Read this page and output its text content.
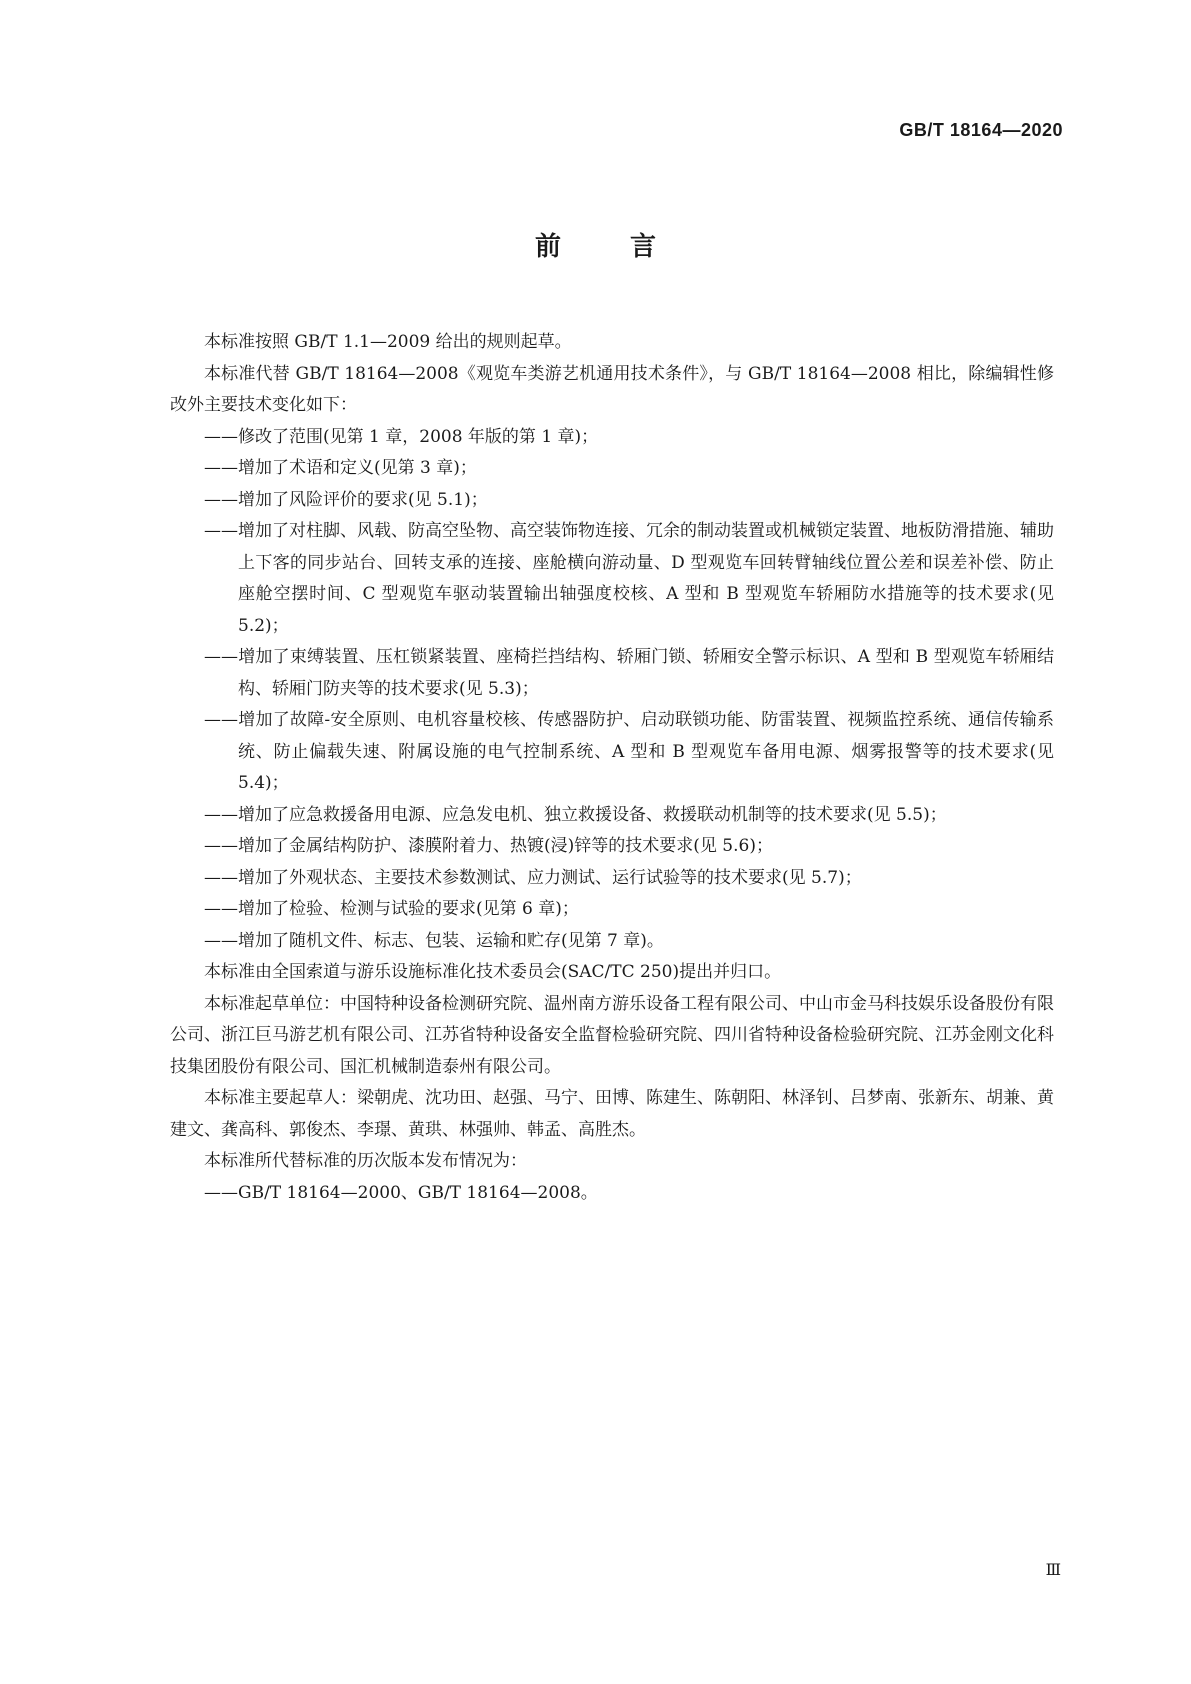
GB/T 18164—2020
前 言

本标准按照 GB/T 1.1—2009 给出的规则起草。

本标准代替 GB/T 18164—2008《观览车类游艺机通用技术条件》，与 GB/T 18164—2008 相比，除编辑性修改外主要技术变化如下：

——修改了范围(见第 1 章，2008 年版的第 1 章)；

——增加了术语和定义(见第 3 章)；

——增加了风险评价的要求(见 5.1)；

——增加了对柱脚、风载、防高空坠物、高空装饰物连接、冗余的制动装置或机械锁定装置、地板防滑措施、辅助上下客的同步站台、回转支承的连接、座舱横向游动量、D 型观览车回转臂轴线位置公差和误差补偿、防止座舱空摆时间、C 型观览车驱动装置输出轴强度校核、A 型和 B 型观览车轿厢防水措施等的技术要求(见 5.2)；

——增加了束缚装置、压杠锁紧装置、座椅拦挡结构、轿厢门锁、轿厢安全警示标识、A 型和 B 型观览车轿厢结构、轿厢门防夹等的技术要求(见 5.3)；

——增加了故障-安全原则、电机容量校核、传感器防护、启动联锁功能、防雷装置、视频监控系统、通信传输系统、防止偏载失速、附属设施的电气控制系统、A 型和 B 型观览车备用电源、烟雾报警等的技术要求(见 5.4)；

——增加了应急救援备用电源、应急发电机、独立救援设备、救援联动机制等的技术要求(见 5.5)；

——增加了金属结构防护、漆膜附着力、热镀(浸)锌等的技术要求(见 5.6)；

——增加了外观状态、主要技术参数测试、应力测试、运行试验等的技术要求(见 5.7)；

——增加了检验、检测与试验的要求(见第 6 章)；

——增加了随机文件、标志、包装、运输和贮存(见第 7 章)。

本标准由全国索道与游乐设施标准化技术委员会(SAC/TC 250)提出并归口。

本标准起草单位：中国特种设备检测研究院、温州南方游乐设备工程有限公司、中山市金马科技娱乐设备股份有限公司、浙江巨马游艺机有限公司、江苏省特种设备安全监督检验研究院、四川省特种设备检验研究院、江苏金刚文化科技集团股份有限公司、国汇机械制造泰州有限公司。

本标准主要起草人：梁朝虎、沈功田、赵强、马宁、田博、陈建生、陈朝阳、林泽钊、吕梦南、张新东、胡兼、黄建文、龚高科、郭俊杰、李璟、黄珙、林强帅、韩孟、高胜杰。

本标准所代替标准的历次版本发布情况为：

——GB/T 18164—2000、GB/T 18164—2008。

Ⅲ
